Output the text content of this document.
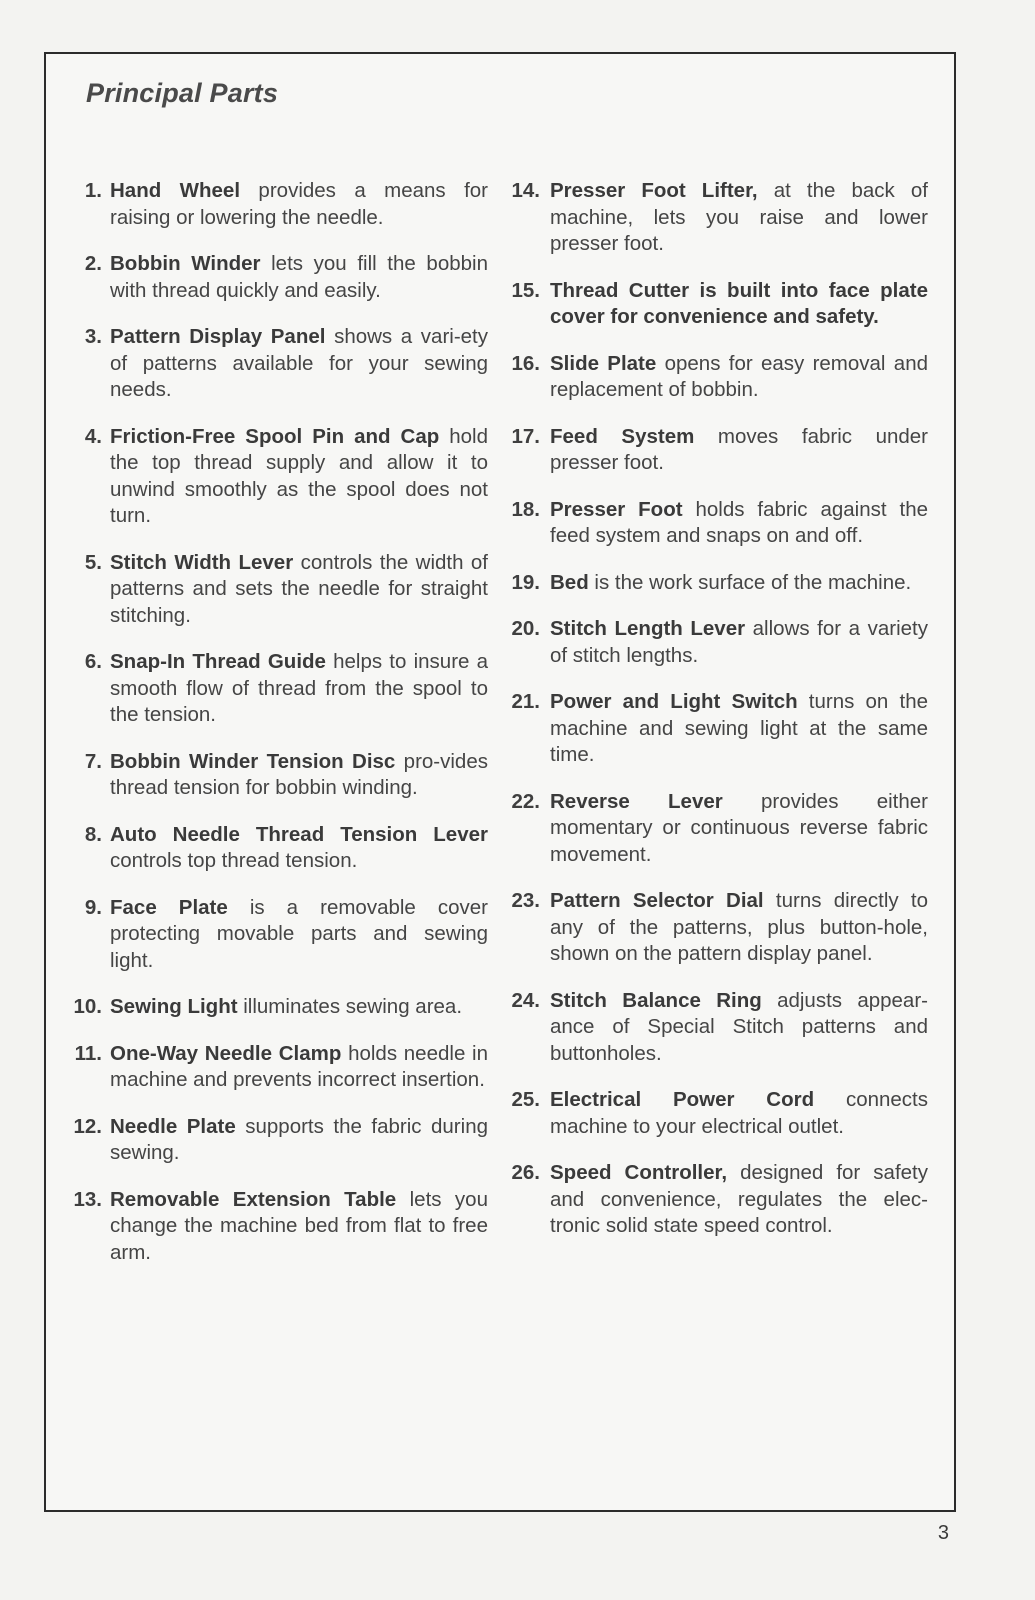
Principal Parts
1. Hand Wheel provides a means for raising or lowering the needle.
2. Bobbin Winder lets you fill the bobbin with thread quickly and easily.
3. Pattern Display Panel shows a vari-ety of patterns available for your sewing needs.
4. Friction-Free Spool Pin and Cap hold the top thread supply and allow it to unwind smoothly as the spool does not turn.
5. Stitch Width Lever controls the width of patterns and sets the needle for straight stitching.
6. Snap-In Thread Guide helps to insure a smooth flow of thread from the spool to the tension.
7. Bobbin Winder Tension Disc pro-vides thread tension for bobbin winding.
8. Auto Needle Thread Tension Lever controls top thread tension.
9. Face Plate is a removable cover protecting movable parts and sewing light.
10. Sewing Light illuminates sewing area.
11. One-Way Needle Clamp holds needle in machine and prevents incorrect insertion.
12. Needle Plate supports the fabric during sewing.
13. Removable Extension Table lets you change the machine bed from flat to free arm.
14. Presser Foot Lifter, at the back of machine, lets you raise and lower presser foot.
15. Thread Cutter is built into face plate cover for convenience and safety.
16. Slide Plate opens for easy removal and replacement of bobbin.
17. Feed System moves fabric under presser foot.
18. Presser Foot holds fabric against the feed system and snaps on and off.
19. Bed is the work surface of the machine.
20. Stitch Length Lever allows for a variety of stitch lengths.
21. Power and Light Switch turns on the machine and sewing light at the same time.
22. Reverse Lever provides either momentary or continuous reverse fabric movement.
23. Pattern Selector Dial turns directly to any of the patterns, plus button-hole, shown on the pattern display panel.
24. Stitch Balance Ring adjusts appear-ance of Special Stitch patterns and buttonholes.
25. Electrical Power Cord connects machine to your electrical outlet.
26. Speed Controller, designed for safety and convenience, regulates the elec-tronic solid state speed control.
3
